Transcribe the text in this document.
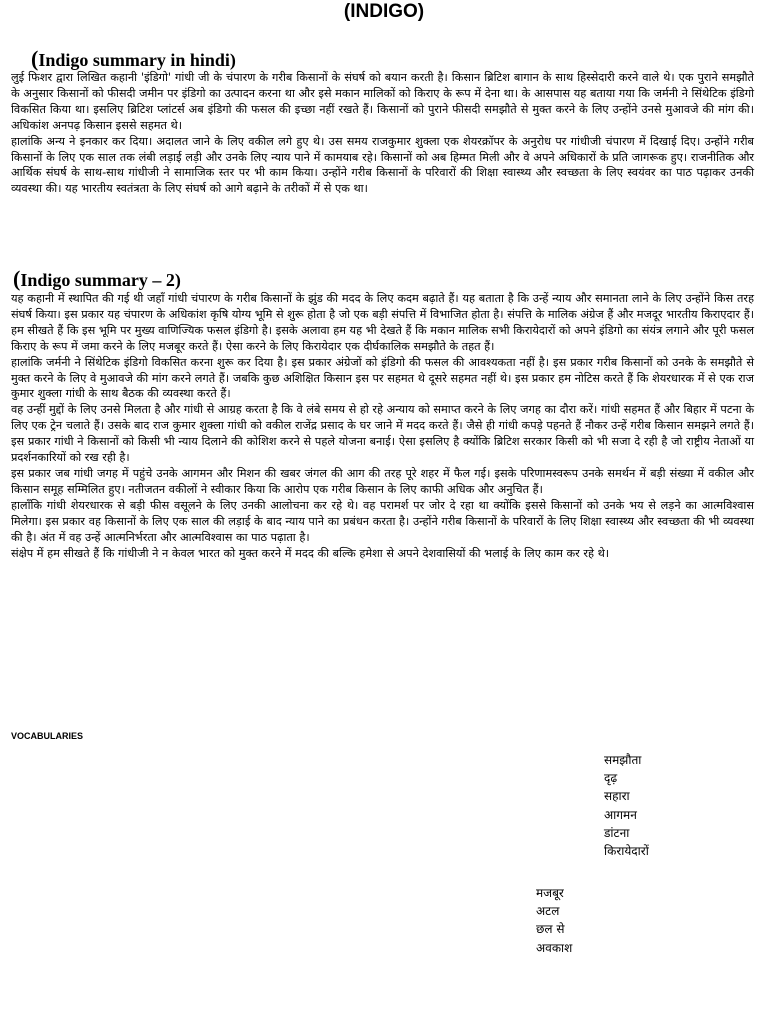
(INDIGO)
(Indigo summary in hindi)

लुई फिशर द्वारा लिखित कहानी 'इंडिगो' गांधी जी के चंपारण के गरीब किसानों के संघर्ष को बयान करती है। किसान ब्रिटिश बागान के साथ हिस्सेदारी करने वाले थे। एक पुराने समझौते के अनुसार किसानों को फीसदी जमीन पर इंडिगो का उत्पादन करना था और इसे मकान मालिकों को किराए के रूप में देना था। के आसपास यह बताया गया कि जर्मनी ने सिंथेटिक इंडिगो विकसित किया था। इसलिए ब्रिटिश प्लांटर्स अब इंडिगो की फसल की इच्छा नहीं रखते हैं। किसानों को पुराने फीसदी समझौते से मुक्त करने के लिए उन्होंने उनसे मुआवजे की मांग की। अधिकांश अनपढ़ किसान इससे सहमत थे।

हालांकि अन्य ने इनकार कर दिया। अदालत जाने के लिए वकील लगे हुए थे। उस समय राजकुमार शुक्ला एक शेयरक्रॉपर के अनुरोध पर गांधीजी चंपारण में दिखाई दिए। उन्होंने गरीब किसानों के लिए एक साल तक लंबी लड़ाई लड़ी और उनके लिए न्याय पाने में कामयाब रहे। किसानों को अब हिम्मत मिली और वे अपने अधिकारों के प्रति जागरूक हुए। राजनीतिक और आर्थिक संघर्ष के साथ-साथ गांधीजी ने सामाजिक स्तर पर भी काम किया। उन्होंने गरीब किसानों के परिवारों की शिक्षा स्वास्थ्य और स्वच्छता के लिए स्वयंवर का पाठ पढ़ाकर उनकी व्यवस्था की। यह भारतीय स्वतंत्रता के लिए संघर्ष को आगे बढ़ाने के तरीकों में से एक था।

(Indigo summary – 2)

यह कहानी में स्थापित की गई थी जहाँ गांधी चंपारण के गरीब किसानों के झुंड की मदद के लिए कदम बढ़ाते हैं। यह बताता है कि उन्हें न्याय और समानता लाने के लिए उन्होंने किस तरह संघर्ष किया। इस प्रकार यह चंपारण के अधिकांश कृषि योग्य भूमि से शुरू होता है जो एक बड़ी संपत्ति में विभाजित होता है। संपत्ति के मालिक अंग्रेज हैं और मजदूर भारतीय किराएदार हैं। हम सीखते हैं कि इस भूमि पर मुख्य वाणिज्यिक फसल इंडिगो है। इसके अलावा हम यह भी देखते हैं कि मकान मालिक सभी किरायेदारों को अपने इंडिगो का संयंत्र लगाने और पूरी फसल किराए के रूप में जमा करने के लिए मजबूर करते हैं। ऐसा करने के लिए किरायेदार एक दीर्घकालिक समझौते के तहत हैं।

हालांकि जर्मनी ने सिंथेटिक इंडिगो विकसित करना शुरू कर दिया है। इस प्रकार अंग्रेजों को इंडिगो की फसल की आवश्यकता नहीं है। इस प्रकार गरीब किसानों को उनके के समझौते से मुक्त करने के लिए वे मुआवजे की मांग करने लगते हैं। जबकि कुछ अशिक्षित किसान इस पर सहमत थे दूसरे सहमत नहीं थे। इस प्रकार हम नोटिस करते हैं कि शेयरधारक में से एक राज कुमार शुक्ला गांधी के साथ बैठक की व्यवस्था करते हैं।

वह उन्हीं मुद्दों के लिए उनसे मिलता है और गांधी से आग्रह करता है कि वे लंबे समय से हो रहे अन्याय को समाप्त करने के लिए जगह का दौरा करें। गांधी सहमत हैं और बिहार में पटना के लिए एक ट्रेन चलाते हैं। उसके बाद राज कुमार शुक्ला गांधी को वकील राजेंद्र प्रसाद के घर जाने में मदद करते हैं। जैसे ही गांधी कपड़े पहनते हैं नौकर उन्हें गरीब किसान समझने लगते हैं। इस प्रकार गांधी ने किसानों को किसी भी न्याय दिलाने की कोशिश करने से पहले योजना बनाई। ऐसा इसलिए है क्योंकि ब्रिटिश सरकार किसी को भी सजा दे रही है जो राष्ट्रीय नेताओं या प्रदर्शनकारियों को रख रही है।

इस प्रकार जब गांधी जगह में पहुंचे उनके आगमन और मिशन की खबर जंगल की आग की तरह पूरे शहर में फैल गई। इसके परिणामस्वरूप उनके समर्थन में बड़ी संख्या में वकील और किसान समूह सम्मिलित हुए। नतीजतन वकीलों ने स्वीकार किया कि आरोप एक गरीब किसान के लिए काफी अधिक और अनुचित हैं।

हालाँकि गांधी शेयरधारक से बड़ी फीस वसूलने के लिए उनकी आलोचना कर रहे थे। वह परामर्श पर जोर दे रहा था क्योंकि इससे किसानों को उनके भय से लड़ने का आत्मविश्वास मिलेगा। इस प्रकार वह किसानों के लिए एक साल की लड़ाई के बाद न्याय पाने का प्रबंधन करता है। उन्होंने गरीब किसानों के परिवारों के लिए शिक्षा स्वास्थ्य और स्वच्छता की भी व्यवस्था की है। अंत में वह उन्हें आत्मनिर्भरता और आत्मविश्वास का पाठ पढ़ाता है।

संक्षेप में हम सीखते हैं कि गांधीजी ने न केवल भारत को मुक्त करने में मदद की बल्कि हमेशा से अपने देशवासियों की भलाई के लिए काम कर रहे थे।

VOCABULARIES
समझौता
दृढ़
सहारा
आगमन
डांटना
किरायेदारों
मजबूर
अटल
छल से
अवकाश
